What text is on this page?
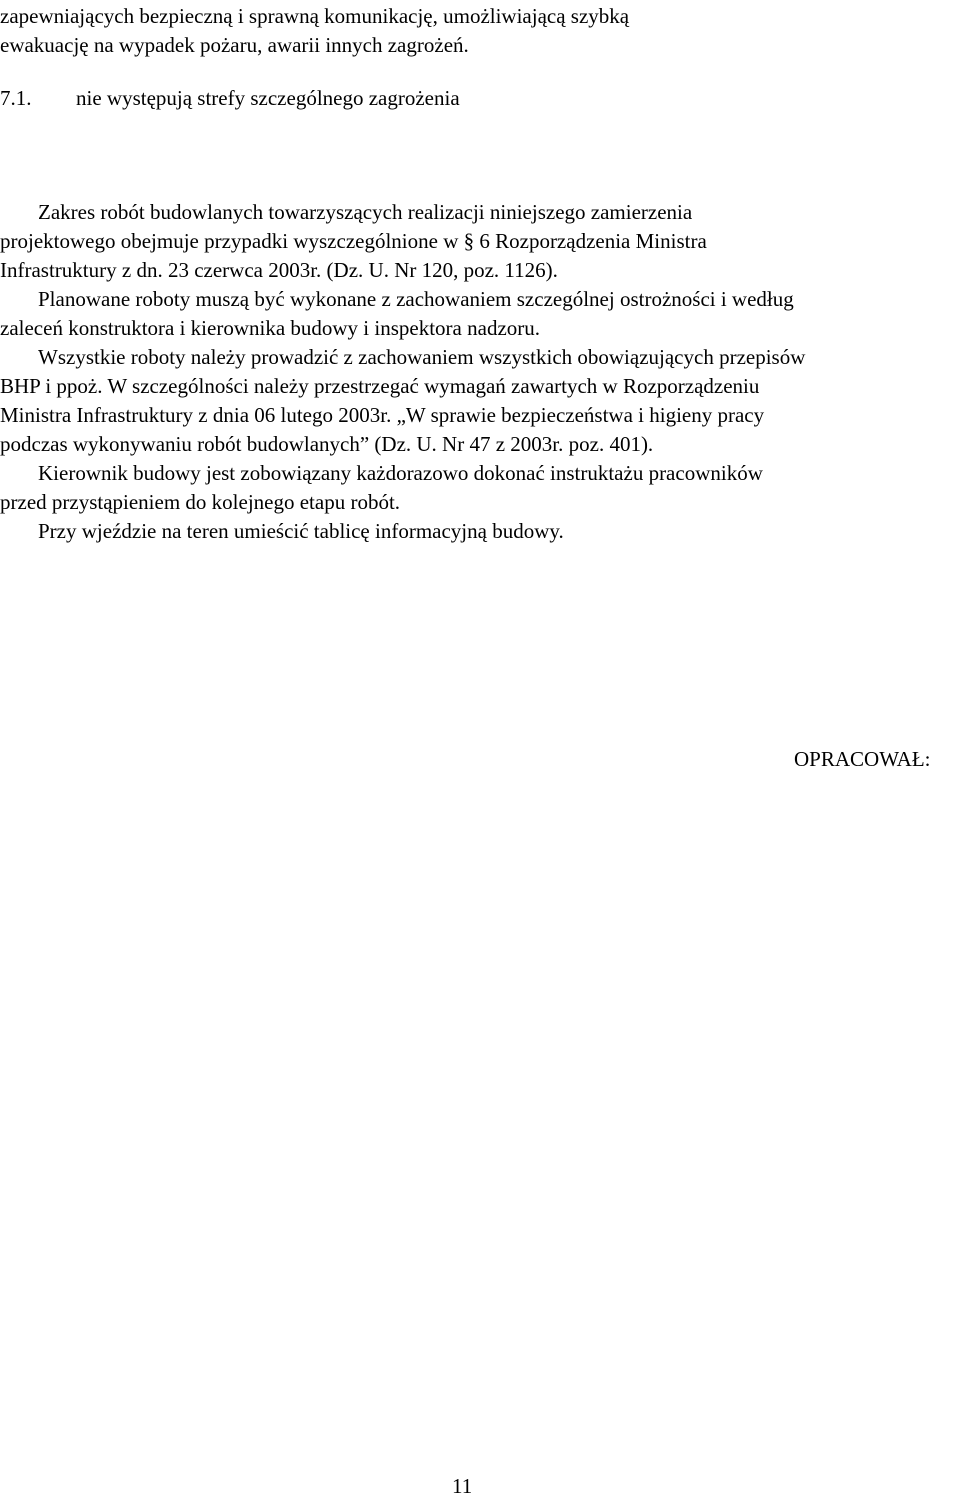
zapewniających bezpieczną i sprawną komunikację, umożliwiającą szybką
ewakuację na wypadek pożaru, awarii innych zagrożeń.
7.1. nie występują strefy szczególnego zagrożenia
Zakres robót budowlanych towarzyszących realizacji niniejszego zamierzenia
projektowego obejmuje przypadki wyszczególnione w § 6 Rozporządzenia Ministra
Infrastruktury z dn. 23 czerwca 2003r. (Dz. U. Nr 120, poz. 1126).
Planowane roboty muszą być wykonane z zachowaniem szczególnej ostrożności i według
zaleceń konstruktora i kierownika budowy i inspektora nadzoru.
Wszystkie roboty należy prowadzić z zachowaniem wszystkich obowiązujących przepisów
BHP i ppoż. W szczególności należy przestrzegać wymagań zawartych w Rozporządzeniu
Ministra Infrastruktury z dnia 06 lutego 2003r. „W sprawie bezpieczeństwa i higieny pracy
podczas wykonywaniu robót budowlanych” (Dz. U. Nr 47 z 2003r. poz. 401).
Kierownik budowy jest zobowiązany każdorazowo dokonać instruktażu pracowników
przed przystąpieniem do kolejnego etapu robót.
Przy wjeździe na teren umieścić tablicę informacyjną budowy.
OPRACOWAŁ:
11
